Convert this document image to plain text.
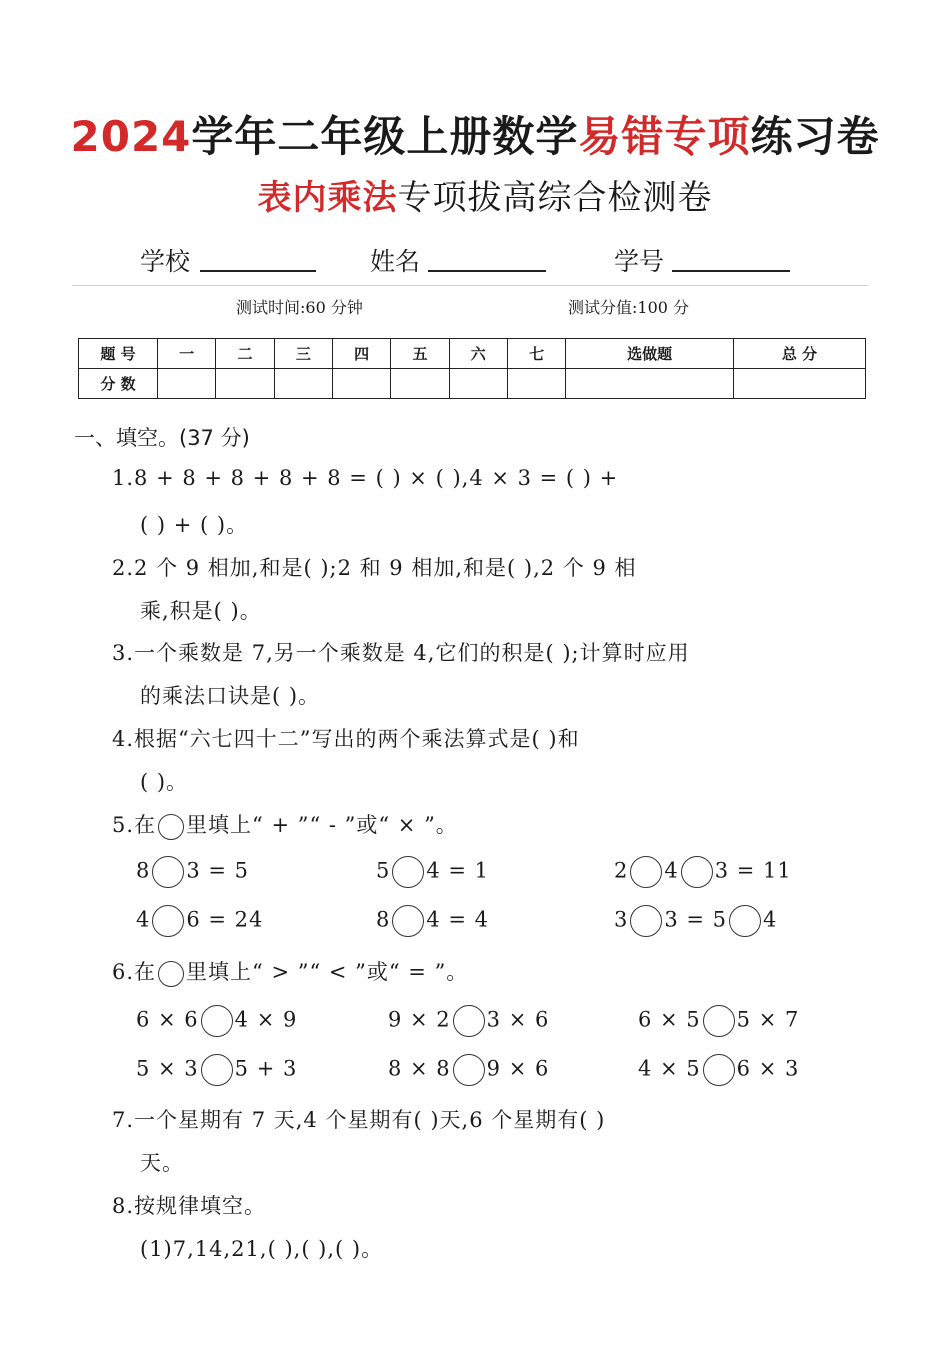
2024学年二年级上册数学易错专项练习卷
表内乘法专项拔高综合检测卷
学校	姓名	学号
测试时间:60 分钟	测试分值:100 分
题 号	一	二	三	四	五	六	七	选做题	总 分
分 数									
一、填空。(37 分)
1.8 + 8 + 8 + 8 + 8 = ( ) × ( ),4 × 3 = ( ) +
( ) + ( )。
2.2 个 9 相加,和是( );2 和 9 相加,和是( ),2 个 9 相
乘,积是( )。
3.一个乘数是 7,另一个乘数是 4,它们的积是( );计算时应用
的乘法口诀是( )。
4.根据“六七四十二”写出的两个乘法算式是( )和
( )。
5.在 里填上“ + ”“ - ”或“ × ”。
8 3 = 5	5 4 = 1	2 4 3 = 11
4 6 = 24	8 4 = 4	3 3 = 5 4
6.在 里填上“ > ”“ < ”或“ = ”。
6 × 6 4 × 9	9 × 2 3 × 6	6 × 5 5 × 7
5 × 3 5 + 3	8 × 8 9 × 6	4 × 5 6 × 3
7.一个星期有 7 天,4 个星期有( )天,6 个星期有( )
天。
8.按规律填空。
(1)7,14,21,( ),( ),( )。
